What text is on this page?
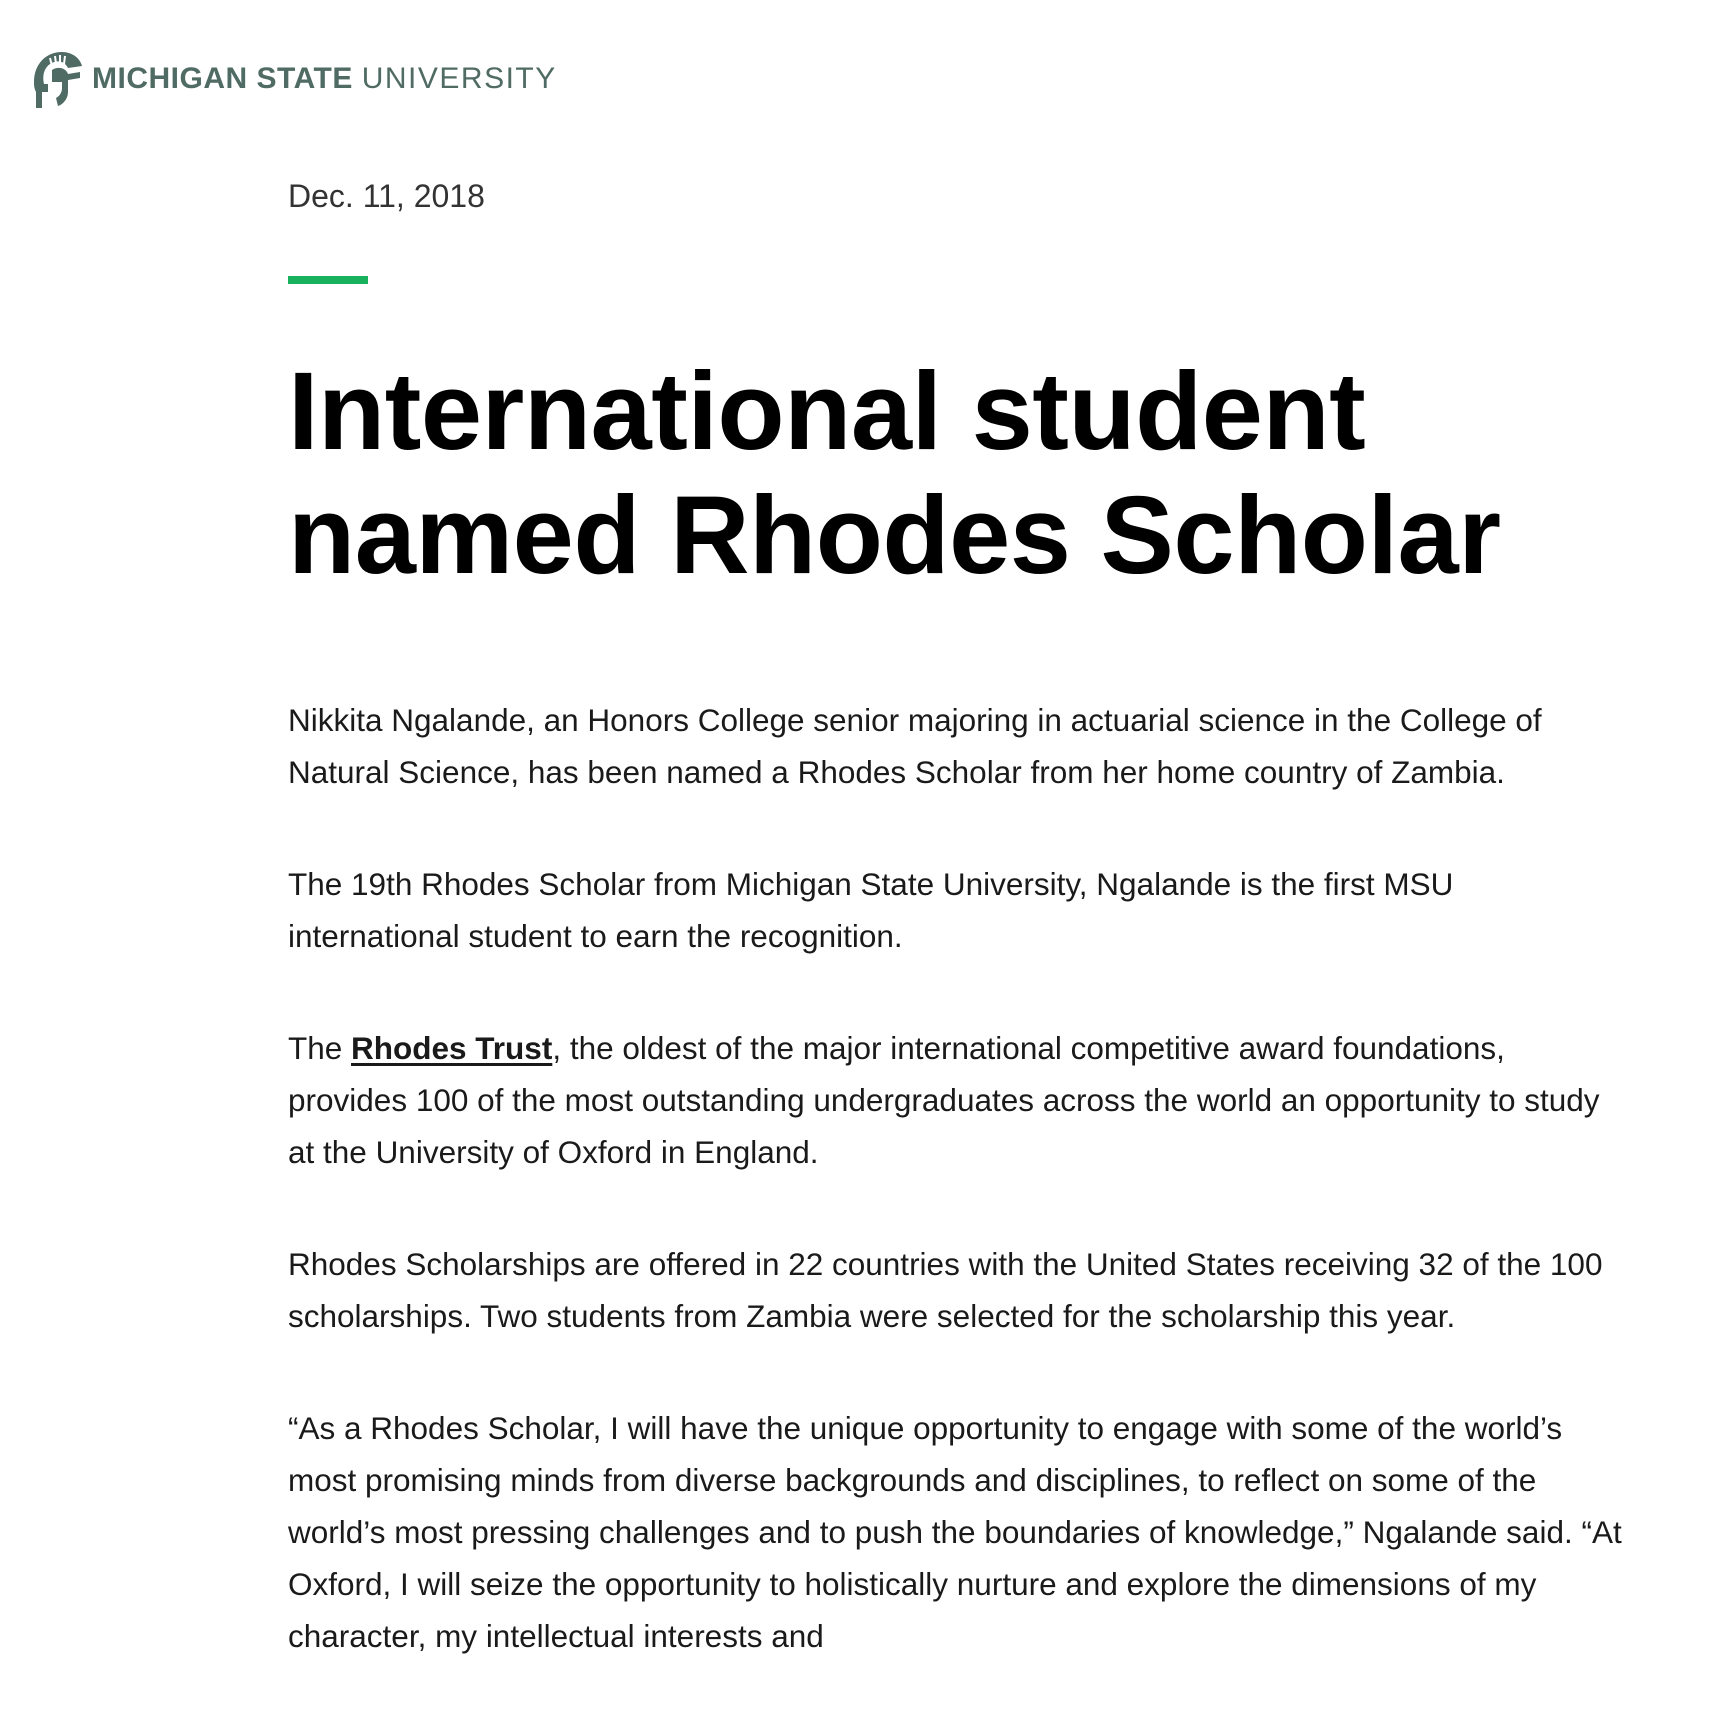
MICHIGAN STATE UNIVERSITY

Dec. 11, 2018

International student named Rhodes Scholar

Nikkita Ngalande, an Honors College senior majoring in actuarial science in the College of Natural Science, has been named a Rhodes Scholar from her home country of Zambia.

The 19th Rhodes Scholar from Michigan State University, Ngalande is the first MSU international student to earn the recognition.

The Rhodes Trust, the oldest of the major international competitive award foundations, provides 100 of the most outstanding undergraduates across the world an opportunity to study at the University of Oxford in England.

Rhodes Scholarships are offered in 22 countries with the United States receiving 32 of the 100 scholarships. Two students from Zambia were selected for the scholarship this year.

“As a Rhodes Scholar, I will have the unique opportunity to engage with some of the world’s most promising minds from diverse backgrounds and disciplines, to reflect on some of the world’s most pressing challenges and to push the boundaries of knowledge,” Ngalande said. “At Oxford, I will seize the opportunity to holistically nurture and explore the dimensions of my character, my intellectual interests and
